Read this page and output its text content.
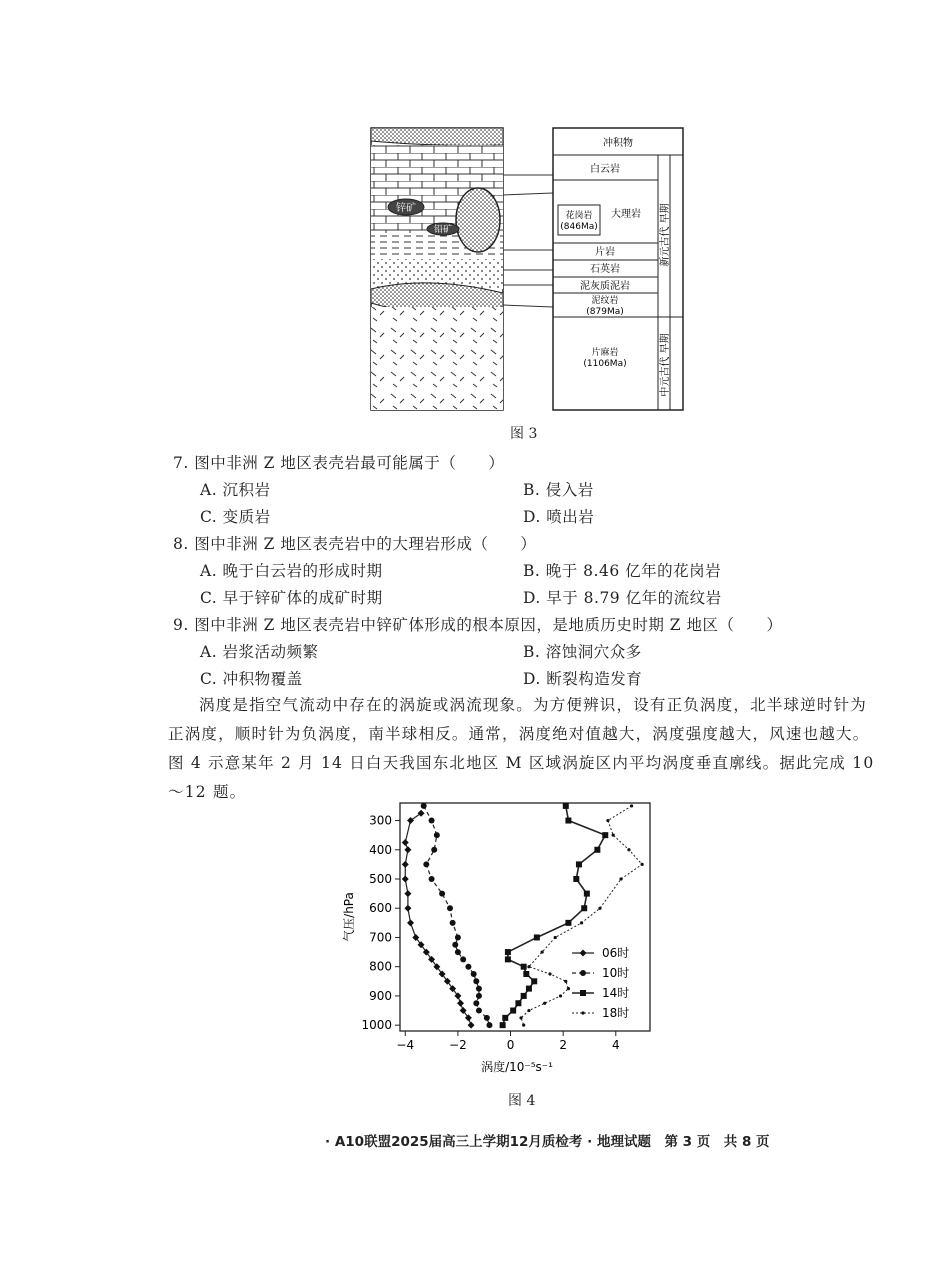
锌矿
铅矿
冲积物
白云岩
大理岩
花岗岩(846Ma)
片岩
石英岩
泥灰质泥岩
泥纹岩(879Ma)
片麻岩(1106Ma)
新元古代 早期
中元古代 早期
图 3
7. 图中非洲 Z 地区表壳岩最可能属于（　　）
A. 沉积岩	B. 侵入岩
C. 变质岩	D. 喷出岩
8. 图中非洲 Z 地区表壳岩中的大理岩形成（　　）
A. 晚于白云岩的形成时期	B. 晚于 8.46 亿年的花岗岩
C. 早于锌矿体的成矿时期	D. 早于 8.79 亿年的流纹岩
9. 图中非洲 Z 地区表壳岩中锌矿体形成的根本原因，是地质历史时期 Z 地区（　　）
A. 岩浆活动频繁	B. 溶蚀洞穴众多
C. 冲积物覆盖	D. 断裂构造发育
涡度是指空气流动中存在的涡旋或涡流现象。为方便辨识，设有正负涡度，北半球逆时针为正涡度，顺时针为负涡度，南半球相反。通常，涡度绝对值越大，涡度强度越大，风速也越大。图 4 示意某年 2 月 14 日白天我国东北地区 M 区域涡旋区内平均涡度垂直廓线。据此完成 10～12 题。
−4	−2	0	2	4
300
400
500
600
700
800
900
1000
涡度/10⁻⁵s⁻¹
气压/hPa
06时
10时
14时
18时
图 4
· A10联盟2025届高三上学期12月质检考 · 地理试题　第 3 页　共 8 页
